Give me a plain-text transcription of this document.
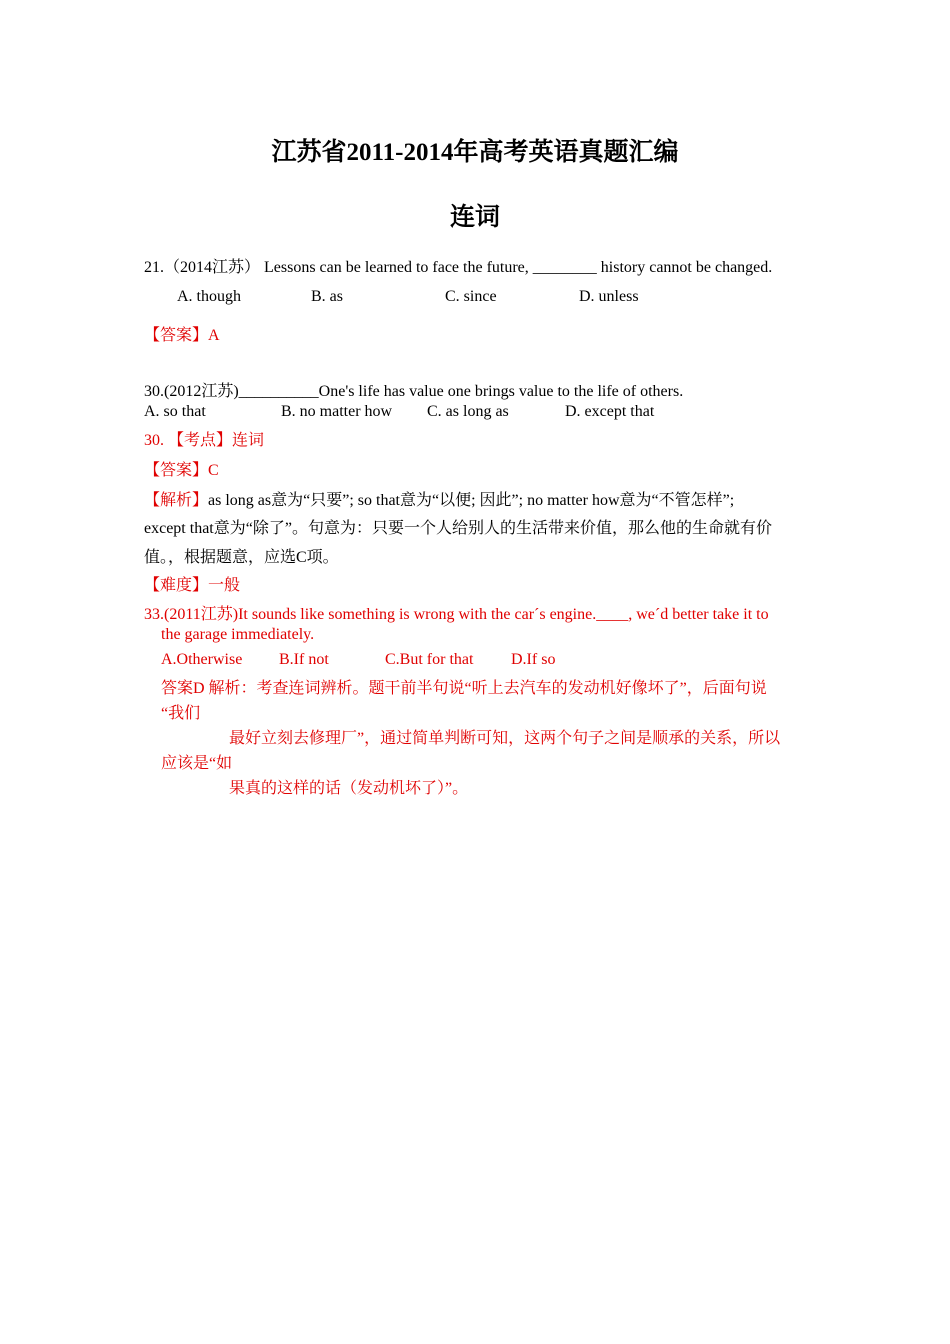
江苏省2011-2014年高考英语真题汇编
连词

21.（2014江苏） Lessons can be learned to face the future, ________ history cannot be changed.

A. though	B. as	C. since	D. unless

【答案】A

30.(2012江苏)__________One's life has value one brings value to the life of others.

A. so that	B. no matter how C. as long as	D. except that

30. 【考点】连词

【答案】C

【解析】as long as意为“只要”; so that意为“以便; 因此”; no matter how意为“不管怎样”;

except that意为“除了”。句意为：只要一个人给别人的生活带来价值，那么他的生命就有价

值。，根据题意，应选C项。

【难度】一般

33.(2011江苏)It sounds like something is wrong with the car´s engine.____, we´d better take it to

the garage immediately.

A.Otherwise B.If not	C.But for that D.If so

答案D 解析：考查连词辨析。题干前半句说“听上去汽车的发动机好像坏了”，后面句说

“我们

最好立刻去修理厂”，通过简单判断可知，这两个句子之间是顺承的关系，所以

应该是“如

果真的这样的话（发动机坏了）”。
